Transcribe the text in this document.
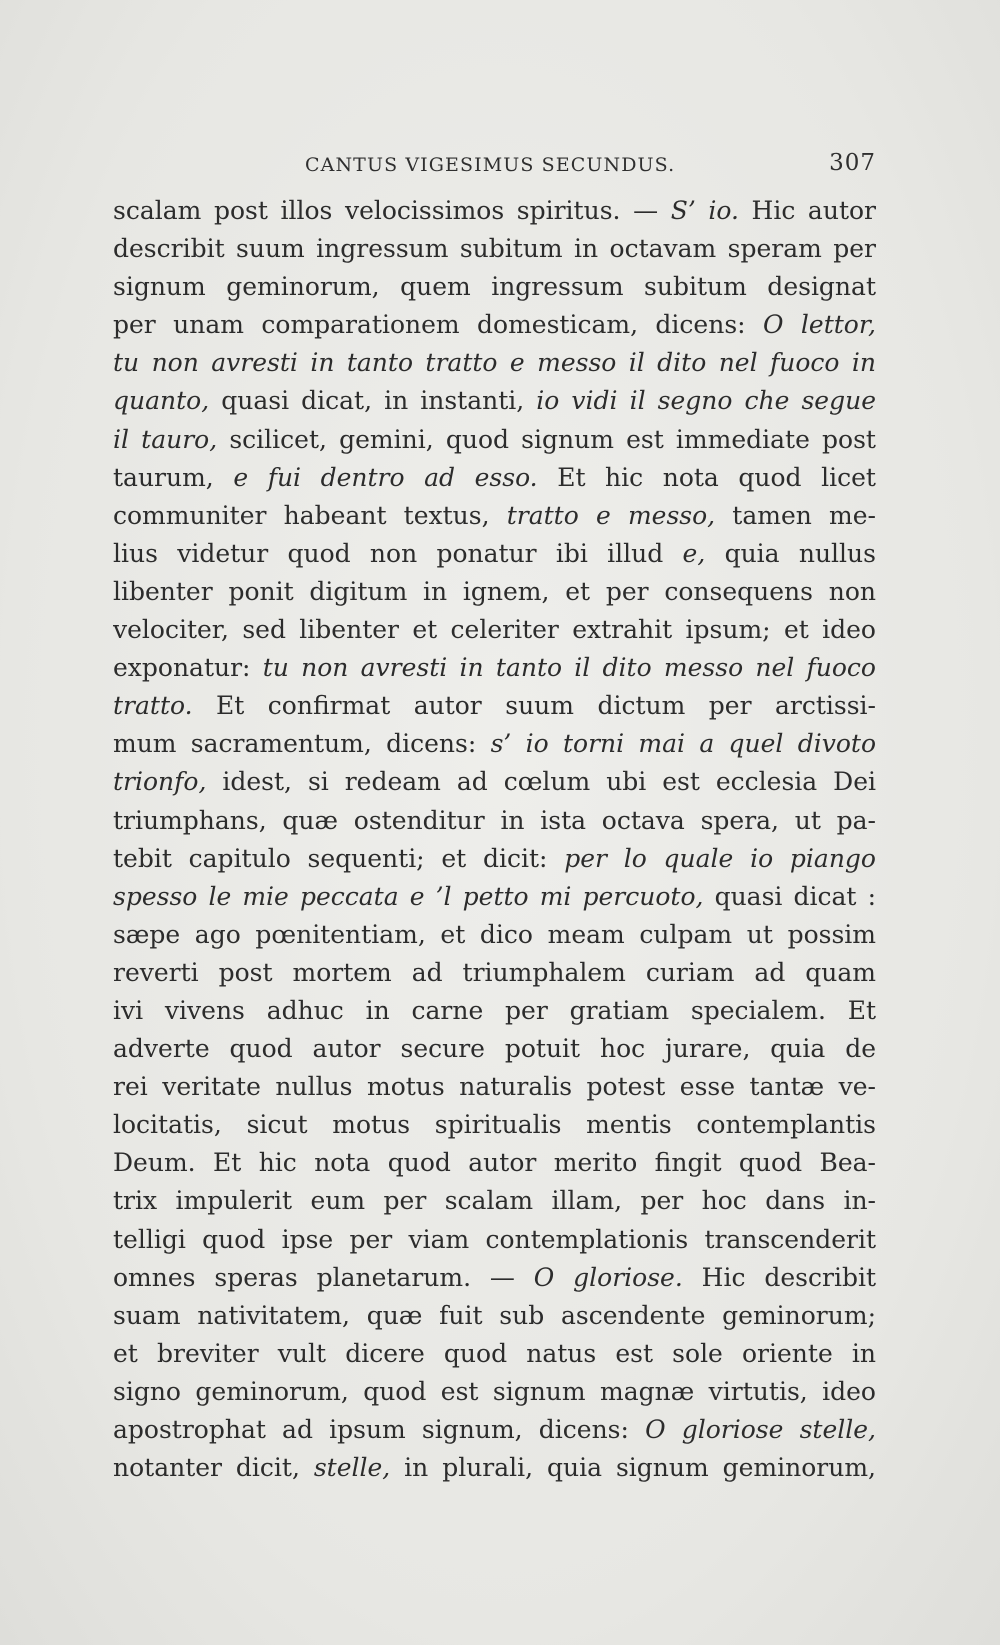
CANTUS VIGESIMUS SECUNDUS.	307
scalam post illos velocissimos spiritus. — S’ io. Hic autor
describit suum ingressum subitum in octavam speram per
signum geminorum, quem ingressum subitum designat
per unam comparationem domesticam, dicens: O lettor,
tu non avresti in tanto tratto e messo il dito nel fuoco in
quanto, quasi dicat, in instanti, io vidi il segno che segue
il tauro, scilicet, gemini, quod signum est immediate post
taurum, e fui dentro ad esso. Et hic nota quod licet
communiter habeant textus, tratto e messo, tamen me-
lius videtur quod non ponatur ibi illud e, quia nullus
libenter ponit digitum in ignem, et per consequens non
velociter, sed libenter et celeriter extrahit ipsum; et ideo
exponatur: tu non avresti in tanto il dito messo nel fuoco
tratto. Et confirmat autor suum dictum per arctissi-
mum sacramentum, dicens: s’ io torni mai a quel divoto
trionfo, idest, si redeam ad cœlum ubi est ecclesia Dei
triumphans, quæ ostenditur in ista octava spera, ut pa-
tebit capitulo sequenti; et dicit: per lo quale io piango
spesso le mie peccata e ’l petto mi percuoto, quasi dicat :
sæpe ago pœnitentiam, et dico meam culpam ut possim
reverti post mortem ad triumphalem curiam ad quam
ivi vivens adhuc in carne per gratiam specialem. Et
adverte quod autor secure potuit hoc jurare, quia de
rei veritate nullus motus naturalis potest esse tantæ ve-
locitatis, sicut motus spiritualis mentis contemplantis
Deum. Et hic nota quod autor merito fingit quod Bea-
trix impulerit eum per scalam illam, per hoc dans in-
telligi quod ipse per viam contemplationis transcenderit
omnes speras planetarum. — O gloriose. Hic describit
suam nativitatem, quæ fuit sub ascendente geminorum;
et breviter vult dicere quod natus est sole oriente in
signo geminorum, quod est signum magnæ virtutis, ideo
apostrophat ad ipsum signum, dicens: O gloriose stelle,
notanter dicit, stelle, in plurali, quia signum geminorum,
